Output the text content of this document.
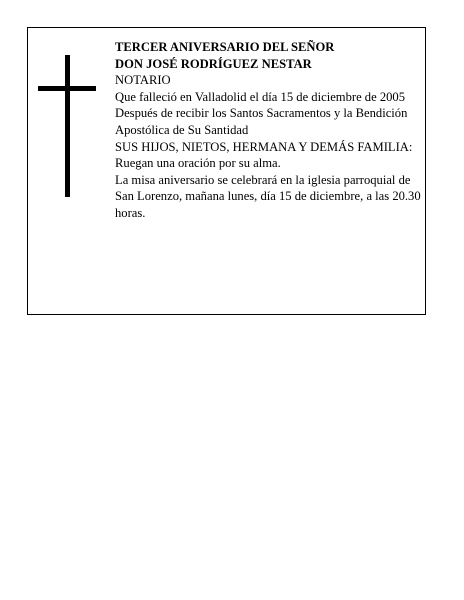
TERCER ANIVERSARIO DEL SEÑOR

DON JOSÉ RODRÍGUEZ NESTAR

NOTARIO

Que falleció en Valladolid el día 15 de diciembre de 2005

Después de recibir los Santos Sacramentos y la Bendición Apostólica de Su Santidad

SUS HIJOS, NIETOS, HERMANA Y DEMÁS FAMILIA:

Ruegan una oración por su alma.

La misa aniversario se celebrará en la iglesia parroquial de San Lorenzo, mañana lunes, día 15 de diciembre, a las 20.30 horas.
